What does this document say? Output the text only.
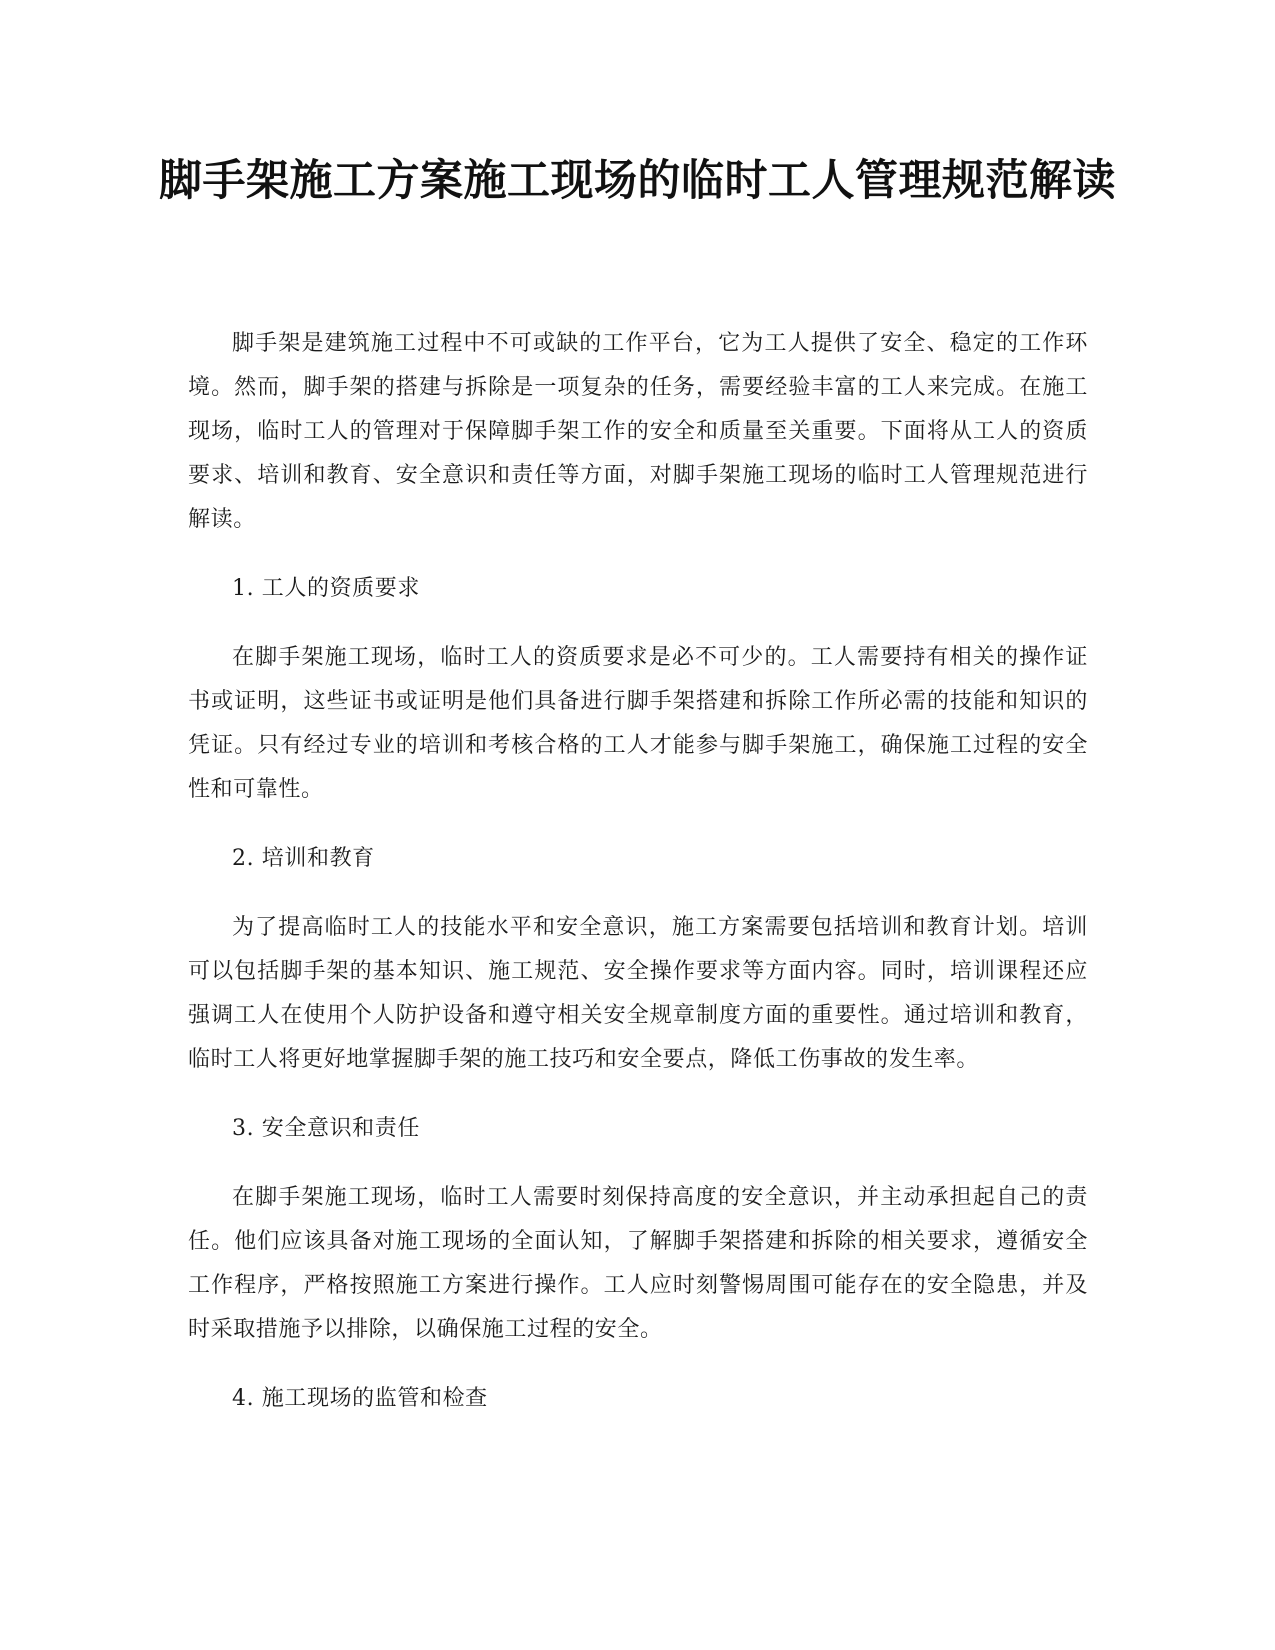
脚手架施工方案施工现场的临时工人管理规范解读

脚手架是建筑施工过程中不可或缺的工作平台，它为工人提供了安全、稳定的工作环境。然而，脚手架的搭建与拆除是一项复杂的任务，需要经验丰富的工人来完成。在施工现场，临时工人的管理对于保障脚手架工作的安全和质量至关重要。下面将从工人的资质要求、培训和教育、安全意识和责任等方面，对脚手架施工现场的临时工人管理规范进行解读。

1. 工人的资质要求

在脚手架施工现场，临时工人的资质要求是必不可少的。工人需要持有相关的操作证书或证明，这些证书或证明是他们具备进行脚手架搭建和拆除工作所必需的技能和知识的凭证。只有经过专业的培训和考核合格的工人才能参与脚手架施工，确保施工过程的安全性和可靠性。

2. 培训和教育

为了提高临时工人的技能水平和安全意识，施工方案需要包括培训和教育计划。培训可以包括脚手架的基本知识、施工规范、安全操作要求等方面内容。同时，培训课程还应强调工人在使用个人防护设备和遵守相关安全规章制度方面的重要性。通过培训和教育，临时工人将更好地掌握脚手架的施工技巧和安全要点，降低工伤事故的发生率。

3. 安全意识和责任

在脚手架施工现场，临时工人需要时刻保持高度的安全意识，并主动承担起自己的责任。他们应该具备对施工现场的全面认知，了解脚手架搭建和拆除的相关要求，遵循安全工作程序，严格按照施工方案进行操作。工人应时刻警惕周围可能存在的安全隐患，并及时采取措施予以排除，以确保施工过程的安全。

4. 施工现场的监管和检查
